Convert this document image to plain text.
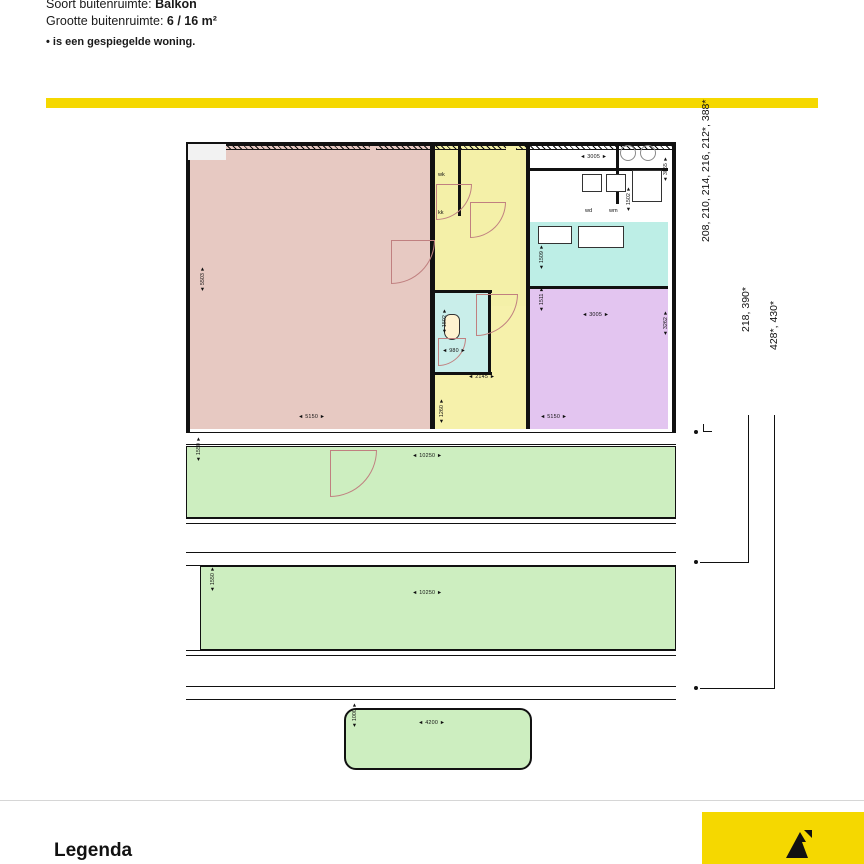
Soort buitenruimte: Balkon
Grootte buitenruimte: 6 / 16 m²
• is een gespiegelde woning.
wk
kk	wd	wm
◄ 5150 ►
◄ 5503 ►
◄ 3005 ►
◄ 3065 ►
◄ 3005 ►
◄ 3262 ►
◄ 1511 ►
◄ 1509 ►
◄ 1502 ►
◄ 1502 ►
◄ 980 ►
◄ 2145 ►
◄ 1260 ►
◄ 5150 ►
◄ 10250 ►
◄ 1550 ►
◄ 10250 ►
◄ 1550 ►
◄ 4200 ►
◄ 1000 ►
208, 210, 214, 216, 212*, 388*
218, 390* 428*, 430*
Legenda
